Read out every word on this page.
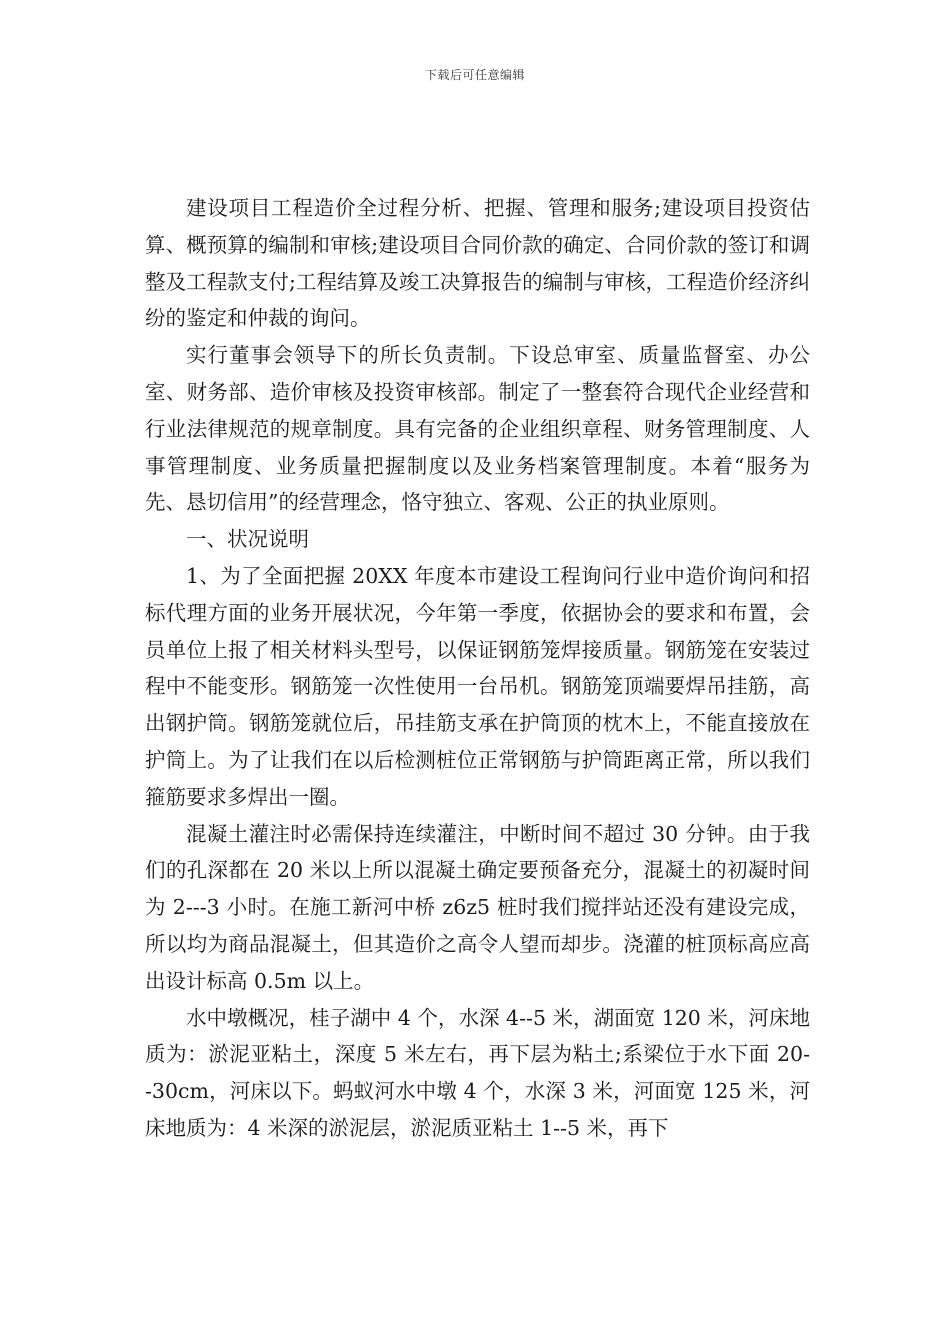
下载后可任意编辑

建设项目工程造价全过程分析、把握、管理和服务;建设项目投资估算、概预算的编制和审核;建设项目合同价款的确定、合同价款的签订和调整及工程款支付;工程结算及竣工决算报告的编制与审核，工程造价经济纠纷的鉴定和仲裁的询问。

实行董事会领导下的所长负责制。下设总审室、质量监督室、办公室、财务部、造价审核及投资审核部。制定了一整套符合现代企业经营和行业法律规范的规章制度。具有完备的企业组织章程、财务管理制度、人事管理制度、业务质量把握制度以及业务档案管理制度。本着“服务为先、恳切信用”的经营理念，恪守独立、客观、公正的执业原则。

一、状况说明

1、为了全面把握 20XX 年度本市建设工程询问行业中造价询问和招标代理方面的业务开展状况，今年第一季度，依据协会的要求和布置，会员单位上报了相关材料头型号，以保证钢筋笼焊接质量。钢筋笼在安装过程中不能变形。钢筋笼一次性使用一台吊机。钢筋笼顶端要焊吊挂筋，高出钢护筒。钢筋笼就位后，吊挂筋支承在护筒顶的枕木上，不能直接放在护筒上。为了让我们在以后检测桩位正常钢筋与护筒距离正常，所以我们箍筋要求多焊出一圈。

混凝土灌注时必需保持连续灌注，中断时间不超过 30 分钟。由于我们的孔深都在 20 米以上所以混凝土确定要预备充分，混凝土的初凝时间为 2---3 小时。在施工新河中桥 z6z5 桩时我们搅拌站还没有建设完成，所以均为商品混凝土，但其造价之高令人望而却步。浇灌的桩顶标高应高出设计标高 0.5m 以上。

水中墩概况，桂子湖中 4 个，水深 4--5 米，湖面宽 120 米，河床地质为：淤泥亚粘土，深度 5 米左右，再下层为粘土;系梁位于水下面 20--30cm，河床以下。蚂蚁河水中墩 4 个，水深 3 米，河面宽 125 米，河床地质为：4 米深的淤泥层，淤泥质亚粘土 1--5 米，再下
